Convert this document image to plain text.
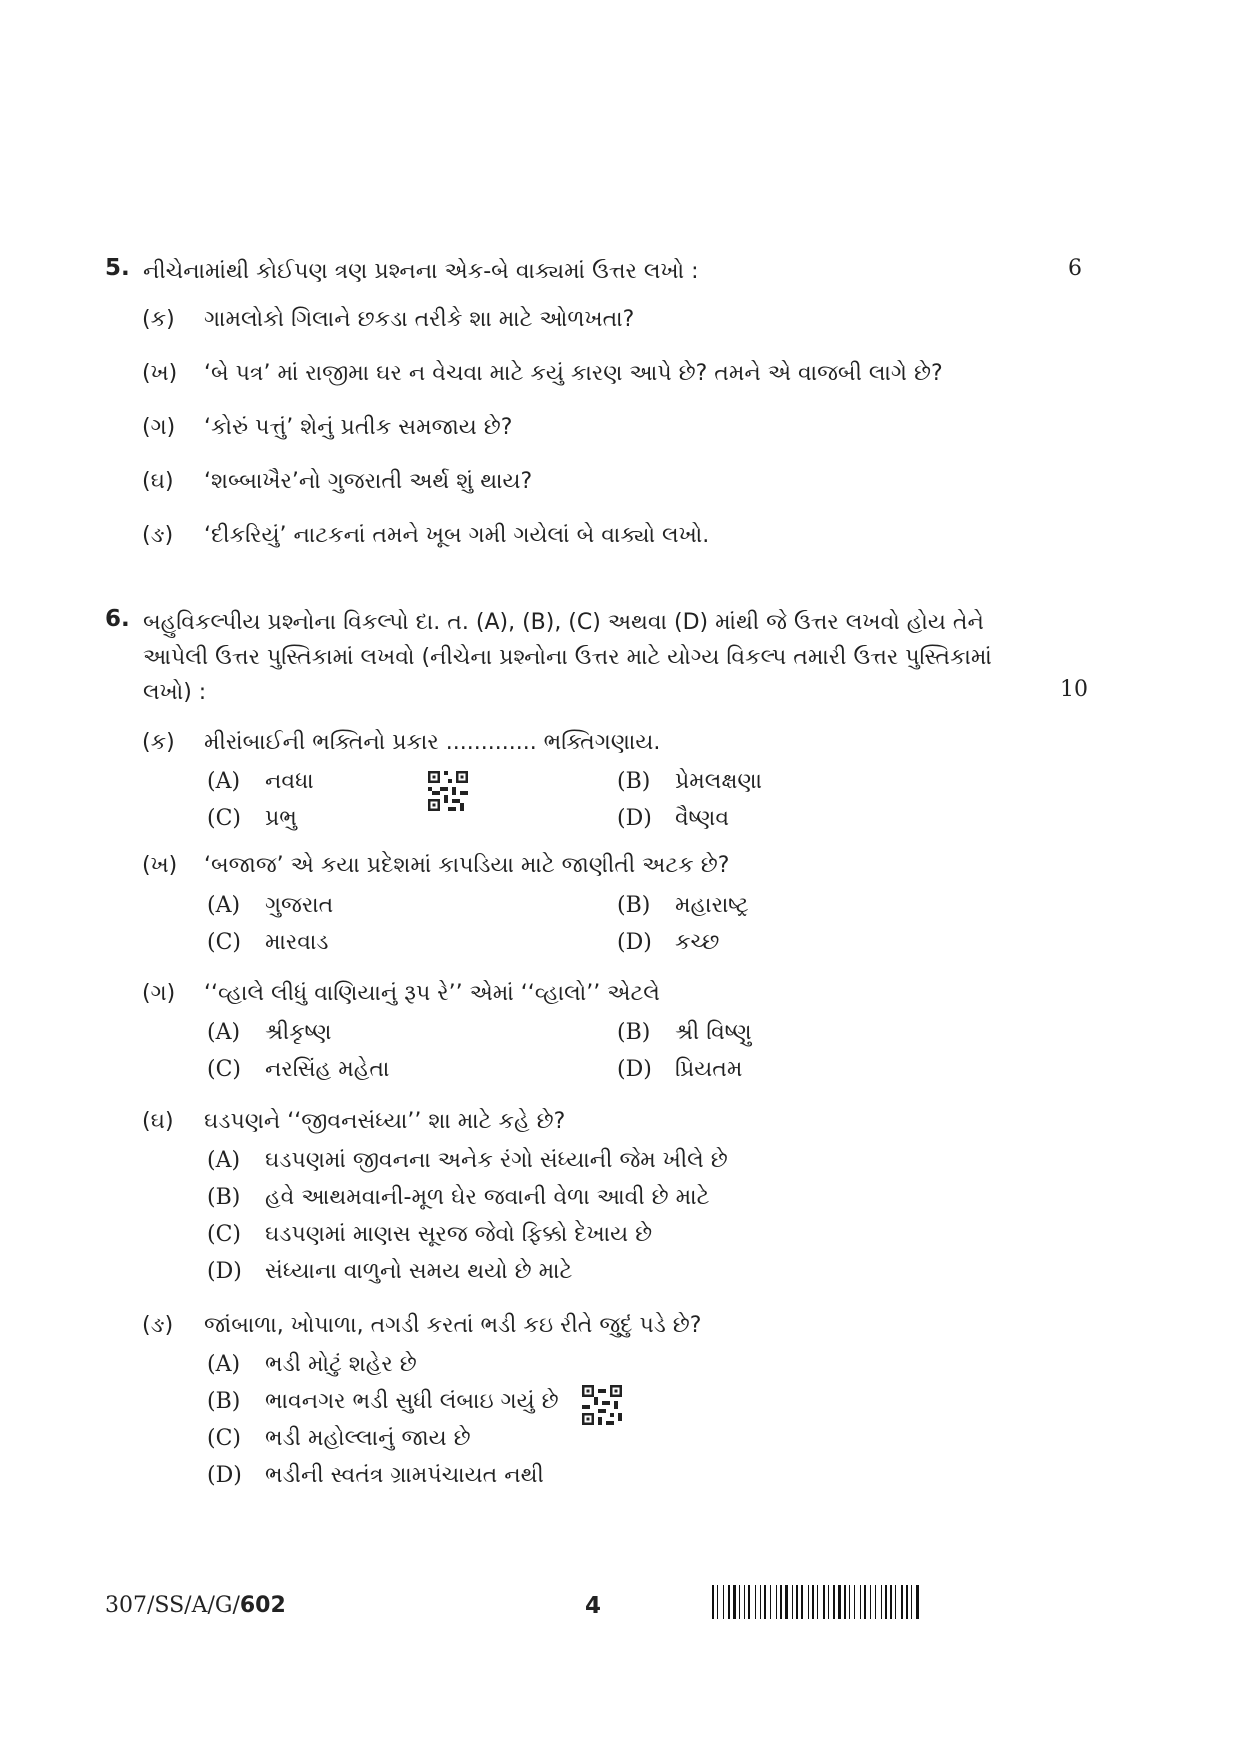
5. નીચેનામાંથી કોઈપણ ત્રણ પ્રશ્નના એક-બે વાક્યમાં ઉત્તર લખો :	6
(ક) ગામલોકો ગિલાને છકડા તરીકે શા માટે ઓળખતા?
(ખ) ‘બે પત્ર’ માં રાજીમા ઘર ન વેચવા માટે કયું કારણ આપે છે? તમને એ વાજબી લાગે છે?
(ગ) ‘કોરું પત્તું’ શેનું પ્રતીક સમજાય છે?
(ઘ) ‘શબ્બાખૈર’નો ગુજરાતી અર્થ શું થાય?
(ઙ) ‘દીકરિયું’ નાટકનાં તમને ખૂબ ગમી ગયેલાં બે વાક્યો લખો.
6. બહુવિકલ્પીય પ્રશ્નોના વિકલ્પો દા. ત. (A), (B), (C) અથવા (D) માંથી જે ઉત્તર લખવો હોય તેને
આપેલી ઉત્તર પુસ્તિકામાં લખવો (નીચેના પ્રશ્નોના ઉત્તર માટે યોગ્ય વિકલ્પ તમારી ઉત્તર પુસ્તિકામાં
લખો) :	10
(ક) મીરાંબાઈની ભક્તિનો પ્રકાર ............. ભક્તિગણાય.
(A) નવધા	(B) પ્રેમલક્ષણા
(C) પ્રભુ	(D) વૈષ્ણવ
(ખ) ‘બજાજ’ એ કયા પ્રદેશમાં કાપડિયા માટે જાણીતી અટક છે?
(A) ગુજરાત	(B) મહારાષ્ટ્ર
(C) મારવાડ	(D) કચ્છ
(ગ) ‘‘વ્હાલે લીધું વાણિયાનું રૂપ રે’’ એમાં ‘‘વ્હાલો’’ એટલે
(A) શ્રીકૃષ્ણ	(B) શ્રી વિષ્ણુ
(C) નરસિંહ મહેતા	(D) પ્રિયતમ
(ઘ) ઘડપણને ‘‘જીવનસંધ્યા’’ શા માટે કહે છે?
(A) ઘડપણમાં જીવનના અનેક રંગો સંધ્યાની જેમ ખીલે છે
(B) હવે આથમવાની-મૂળ ઘેર જવાની વેળા આવી છે માટે
(C) ઘડપણમાં માણસ સૂરજ જેવો ફિક્કો દેખાય છે
(D) સંધ્યાના વાળુનો સમય થયો છે માટે
(ઙ) જાંબાળા, ખોપાળા, તગડી કરતાં ભડી કઇ રીતે જુદું પડે છે?
(A) ભડી મોટું શહેર છે
(B) ભાવનગર ભડી સુધી લંબાઇ ગયું છે
(C) ભડી મહોલ્લાનું જાય છે
(D) ભડીની સ્વતંત્ર ગ્રામપંચાયત નથી
307/SS/A/G/602	4
